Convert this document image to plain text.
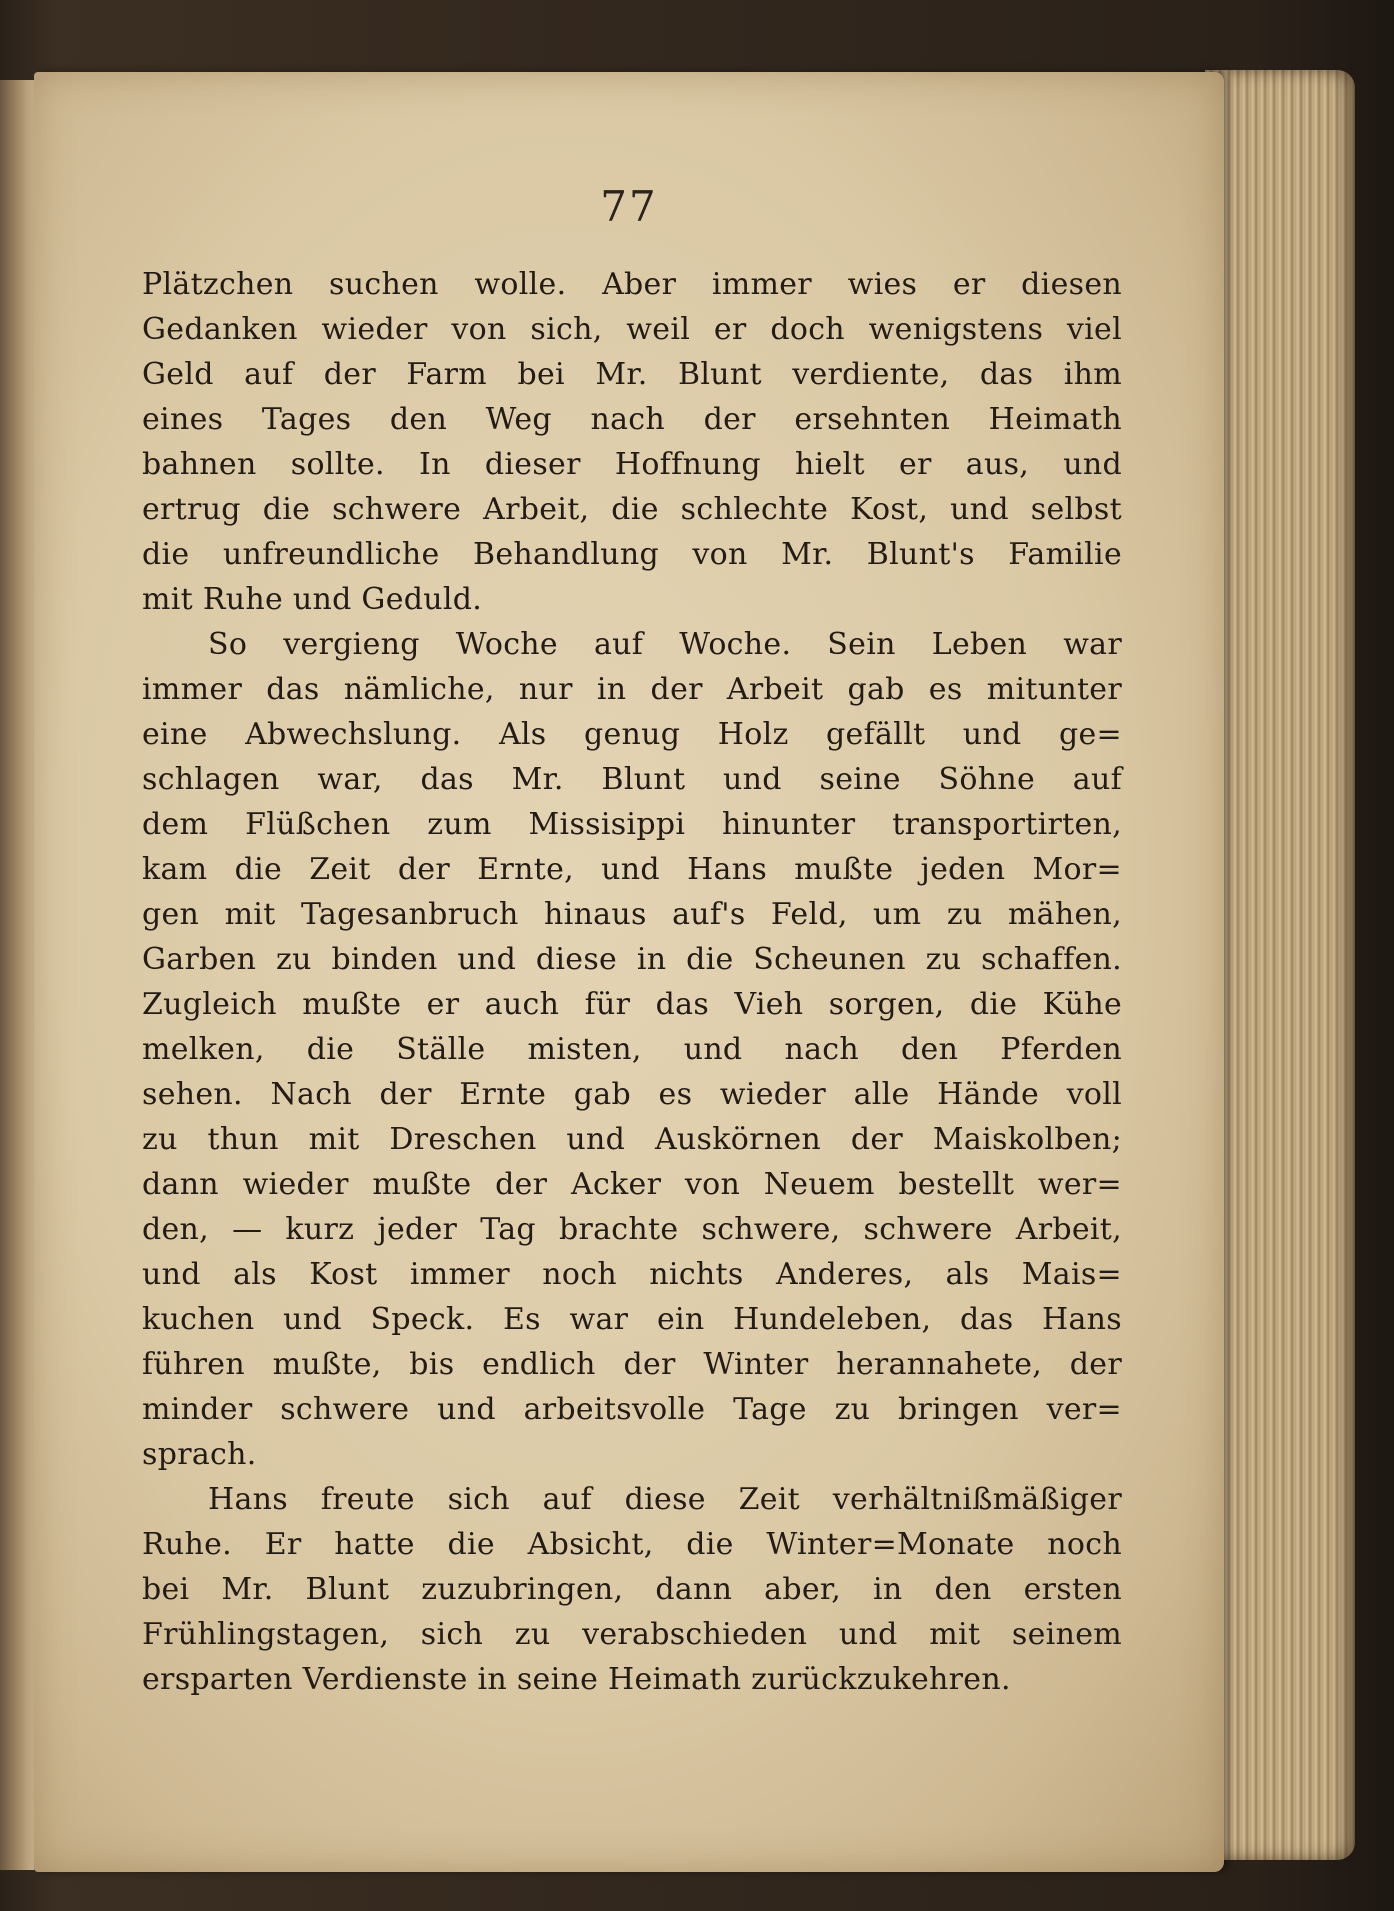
77
Plätzchen suchen wolle. Aber immer wies er diesen
Gedanken wieder von sich, weil er doch wenigstens viel
Geld auf der Farm bei Mr. Blunt verdiente, das ihm
eines Tages den Weg nach der ersehnten Heimath
bahnen sollte. In dieser Hoffnung hielt er aus, und
ertrug die schwere Arbeit, die schlechte Kost, und selbst
die unfreundliche Behandlung von Mr. Blunt's Familie
mit Ruhe und Geduld.
So vergieng Woche auf Woche. Sein Leben war
immer das nämliche, nur in der Arbeit gab es mitunter
eine Abwechslung. Als genug Holz gefällt und ge=
schlagen war, das Mr. Blunt und seine Söhne auf
dem Flüßchen zum Missisippi hinunter transportirten,
kam die Zeit der Ernte, und Hans mußte jeden Mor=
gen mit Tagesanbruch hinaus auf's Feld, um zu mähen,
Garben zu binden und diese in die Scheunen zu schaffen.
Zugleich mußte er auch für das Vieh sorgen, die Kühe
melken, die Ställe misten, und nach den Pferden
sehen. Nach der Ernte gab es wieder alle Hände voll
zu thun mit Dreschen und Auskörnen der Maiskolben;
dann wieder mußte der Acker von Neuem bestellt wer=
den, — kurz jeder Tag brachte schwere, schwere Arbeit,
und als Kost immer noch nichts Anderes, als Mais=
kuchen und Speck. Es war ein Hundeleben, das Hans
führen mußte, bis endlich der Winter herannahete, der
minder schwere und arbeitsvolle Tage zu bringen ver=
sprach.
Hans freute sich auf diese Zeit verhältnißmäßiger
Ruhe. Er hatte die Absicht, die Winter=Monate noch
bei Mr. Blunt zuzubringen, dann aber, in den ersten
Frühlingstagen, sich zu verabschieden und mit seinem
ersparten Verdienste in seine Heimath zurückzukehren.
